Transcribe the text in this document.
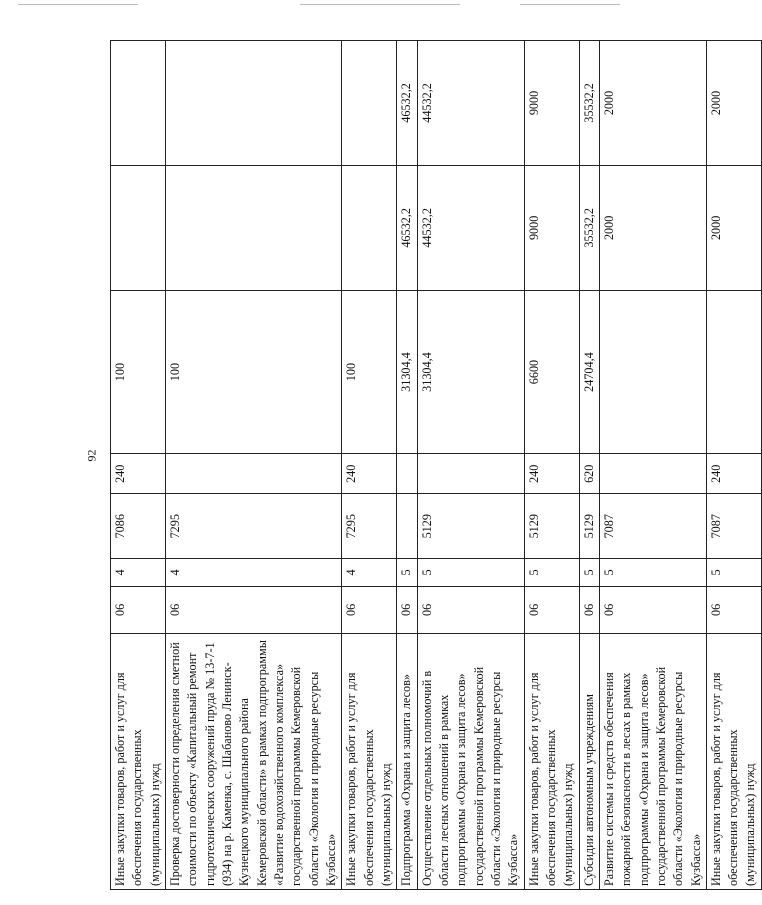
92
Иные закупки товаров, работ и услуг для обеспечения государственных (муниципальных) нужд	06	4	7086	240	100		
Проверка достоверности определения сметной стоимости по объекту «Капитальный ремонт гидротехнических сооружений пруда № 13-7-1 (934) на р. Каменка, с. Шабаново Ленинск-Кузнецкого муниципального района Кемеровской области» в рамках подпрограммы «Развитие водохозяйственного комплекса» государственной программы Кемеровской области «Экология и природные ресурсы Кузбасса»	06	4	7295		100		
Иные закупки товаров, работ и услуг для обеспечения государственных (муниципальных) нужд	06	4	7295	240	100		
Подпрограмма «Охрана и защита лесов»	06	5			31304,4	46532,2	46532,2
Осуществление отдельных полномочий в области лесных отношений в рамках подпрограммы «Охрана и защита лесов» государственной программы Кемеровской области «Экология и природные ресурсы Кузбасса»	06	5	5129		31304,4	44532,2	44532,2
Иные закупки товаров, работ и услуг для обеспечения государственных (муниципальных) нужд	06	5	5129	240	6600	9000	9000
Субсидии автономным учреждениям	06	5	5129	620	24704,4	35532,2	35532,2
Развитие системы и средств обеспечения пожарной безопасности в лесах в рамках подпрограммы «Охрана и защита лесов» государственной программы Кемеровской области «Экология и природные ресурсы Кузбасса»	06	5	7087			2000	2000
Иные закупки товаров, работ и услуг для обеспечения государственных (муниципальных) нужд	06	5	7087	240		2000	2000
